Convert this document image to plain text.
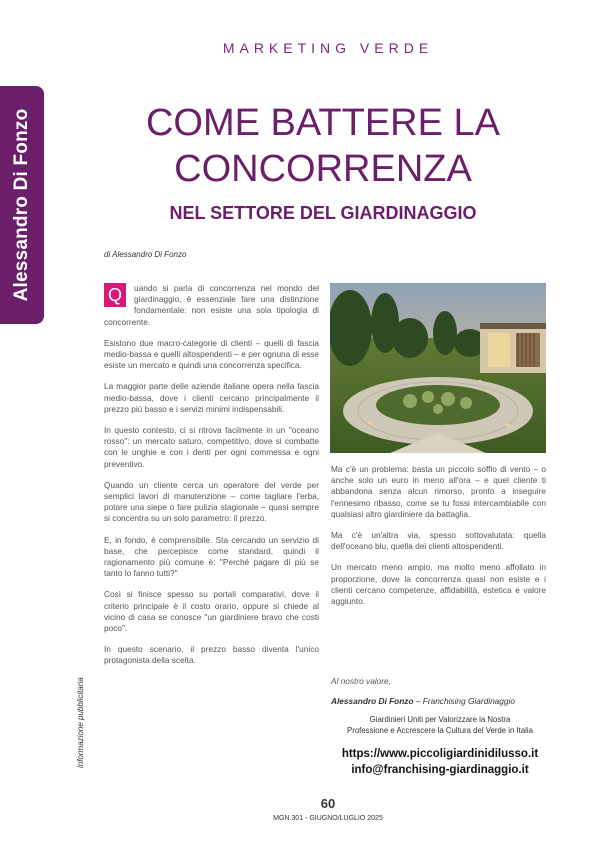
Alessandro Di Fonzo
informazione pubblicitaria
MARKETING VERDE
COME BATTERE LA
CONCORRENZA
NEL SETTORE DEL GIARDINAGGIO
di Alessandro Di Fonzo

Q	uando si parla di concorrenza nel mondo del giardinaggio, è essenziale fare una distinzione fondamentale: non esiste una sola tipologia di concorrente.

Esistono due macro-categorie di clienti – quelli di fascia medio-bassa e quelli altospendenti – e per ognuna di esse esiste un mercato e quindi una concorrenza specifica.

La maggior parte delle aziende italiane opera nella fascia medio-bassa, dove i clienti cercano principalmente il prezzo più basso e i servizi minimi indispensabili.

In questo contesto, ci si ritrova facilmente in un "oceano rosso": un mercato saturo, competitivo, dove si combatte con le unghie e con i denti per ogni commessa e ogni preventivo.

Quando un cliente cerca un operatore del verde per semplici lavori di manutenzione – come tagliare l'erba, potare una siepe o fare pulizia stagionale – quasi sempre si concentra su un solo parametro: il prezzo.

E, in fondo, è comprensibile. Sta cercando un servizio di base, che percepisce come standard, quindi il ragionamento più comune è: "Perché pagare di più se tanto lo fanno tutti?"

Così si finisce spesso su portali comparativi, dove il criterio principale è il costo orario, oppure si chiede al vicino di casa se conosce "un giardiniere bravo che costi poco".

In questo scenario, il prezzo basso diventa l'unico protagonista della scelta.

Ma c'è un problema: basta un piccolo soffio di vento – o anche solo un euro in meno all'ora – e quel cliente ti abbandona senza alcun rimorso, pronto a inseguire l'ennesimo ribasso, come se tu fossi intercambiabile con qualsiasi altro giardiniere da battaglia.

Ma c'è un'altra via, spesso sottovalutata: quella dell'oceano blu, quella dei clienti altospendenti.

Un mercato meno ampio, ma molto meno affollato in proporzione, dove la concorrenza quasi non esiste e i clienti cercano competenze, affidabilità, estetica e valore aggiunto.

Al nostro valore,
Alessandro Di Fonzo – Franchising Giardinaggio
Giardinieri Uniti per Valorizzare la Nostra
Professione e Accrescere la Cultura del Verde in Italia
https://www.piccoligiardinidilusso.it
info@franchising-giardinaggio.it
60
MGN.301 - GIUGNO/LUGLIO 2025
